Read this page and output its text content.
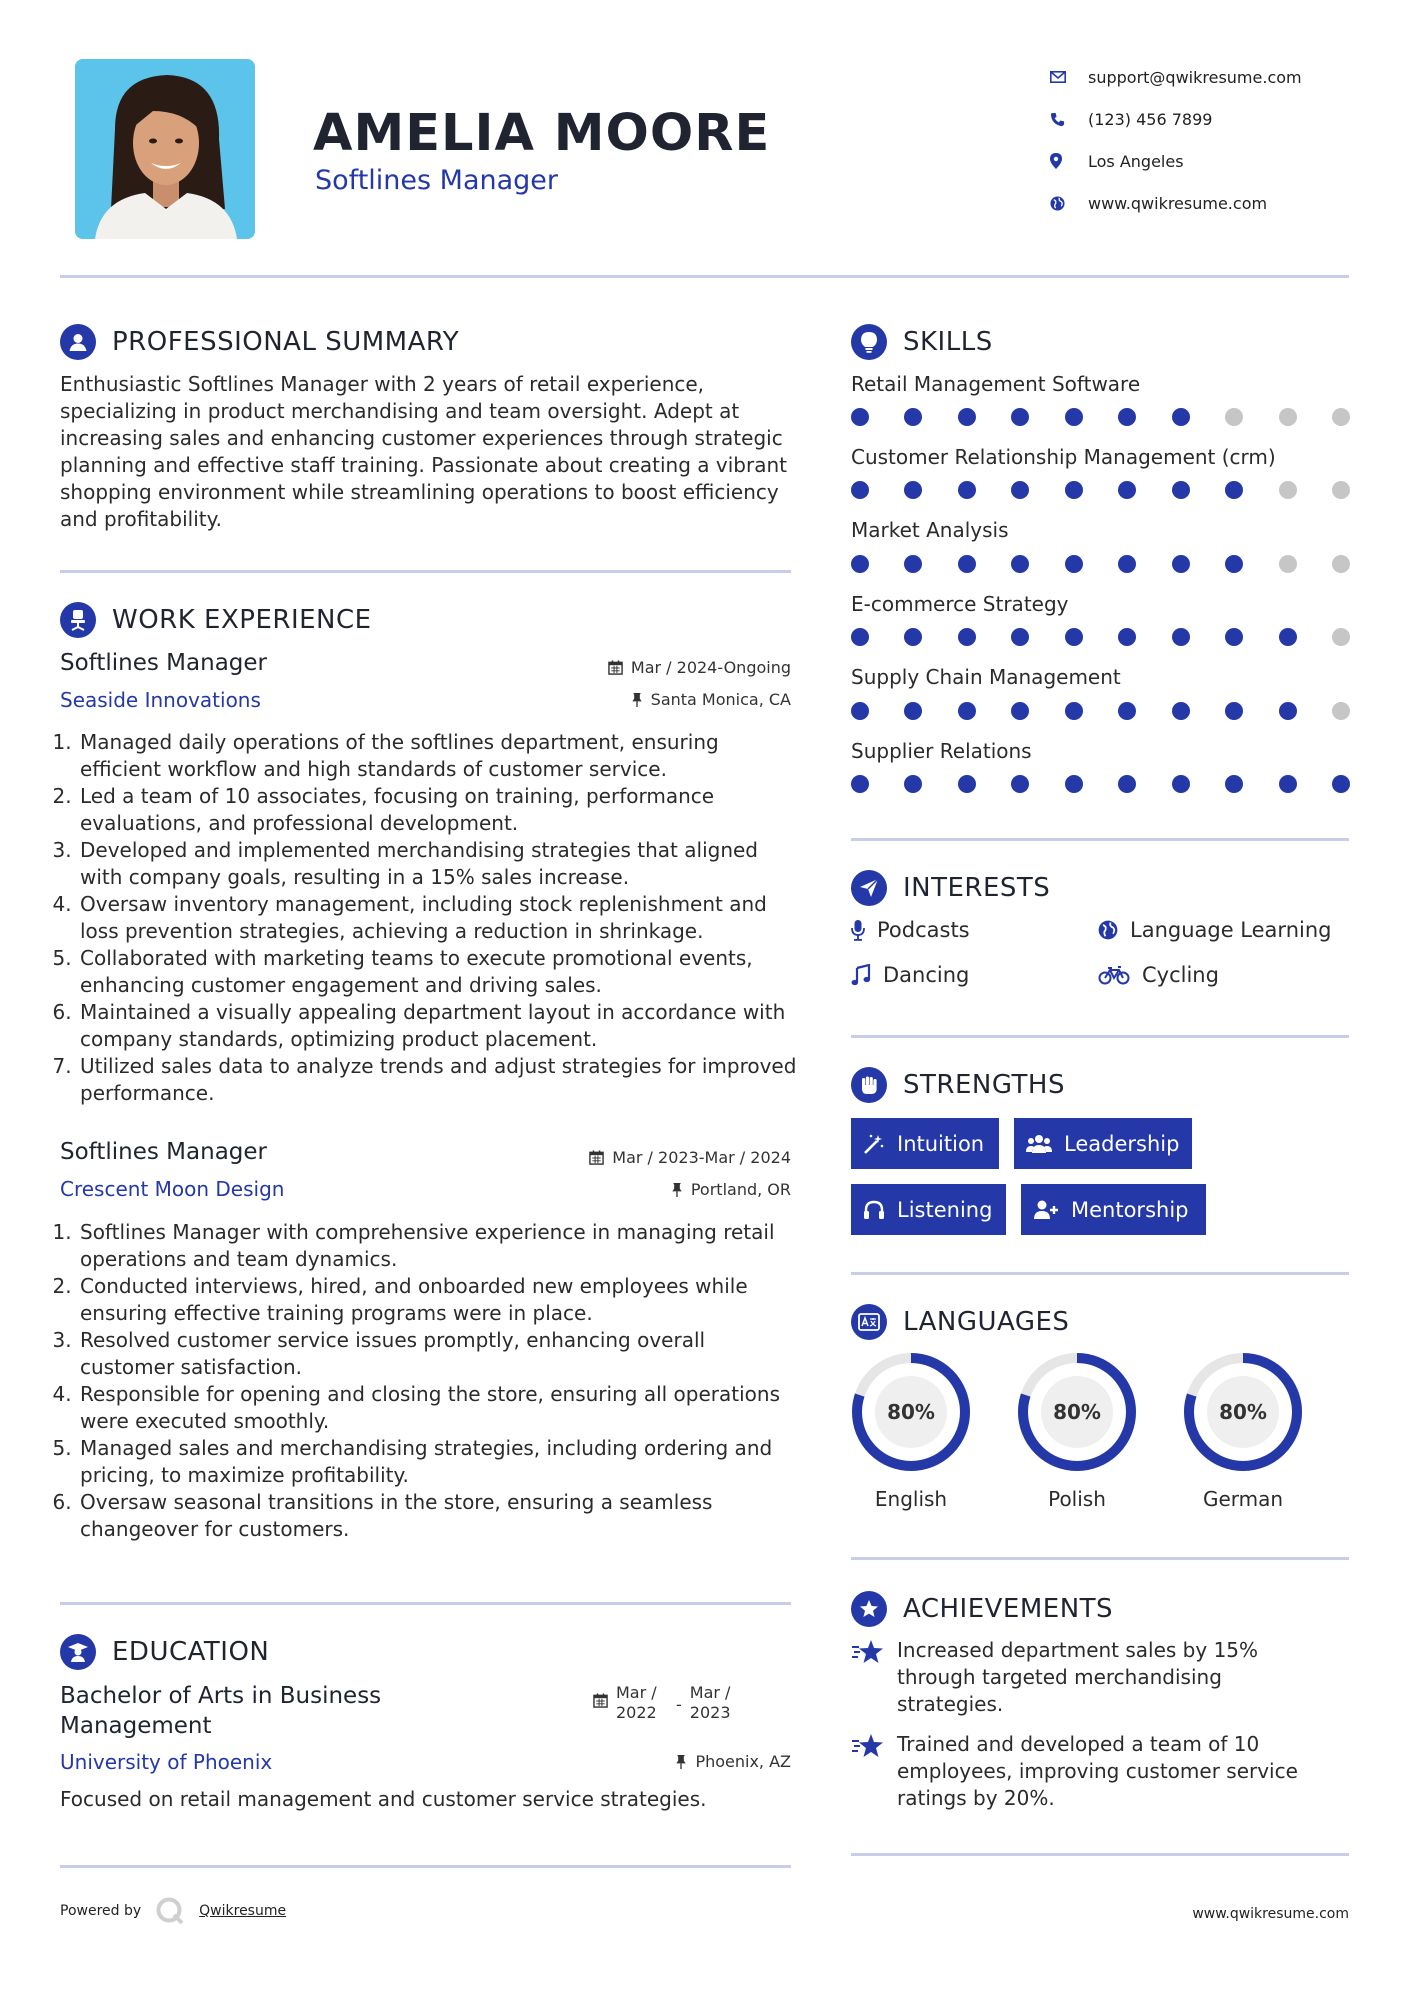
AMELIA MOORE
Softlines Manager
support@qwikresume.com
(123) 456 7899
Los Angeles
www.qwikresume.com
PROFESSIONAL SUMMARY
Enthusiastic Softlines Manager with 2 years of retail experience, specializing in product merchandising and team oversight. Adept at increasing sales and enhancing customer experiences through strategic planning and effective staff training. Passionate about creating a vibrant shopping environment while streamlining operations to boost efficiency and profitability.
WORK EXPERIENCE
Softlines Manager
Seaside Innovations
Mar / 2024-Ongoing
Santa Monica, CA
1. Managed daily operations of the softlines department, ensuring efficient workflow and high standards of customer service.
2. Led a team of 10 associates, focusing on training, performance evaluations, and professional development.
3. Developed and implemented merchandising strategies that aligned with company goals, resulting in a 15% sales increase.
4. Oversaw inventory management, including stock replenishment and loss prevention strategies, achieving a reduction in shrinkage.
5. Collaborated with marketing teams to execute promotional events, enhancing customer engagement and driving sales.
6. Maintained a visually appealing department layout in accordance with company standards, optimizing product placement.
7. Utilized sales data to analyze trends and adjust strategies for improved performance.
Softlines Manager
Crescent Moon Design
Mar / 2023-Mar / 2024
Portland, OR
1. Softlines Manager with comprehensive experience in managing retail operations and team dynamics.
2. Conducted interviews, hired, and onboarded new employees while ensuring effective training programs were in place.
3. Resolved customer service issues promptly, enhancing overall customer satisfaction.
4. Responsible for opening and closing the store, ensuring all operations were executed smoothly.
5. Managed sales and merchandising strategies, including ordering and pricing, to maximize profitability.
6. Oversaw seasonal transitions in the store, ensuring a seamless changeover for customers.
EDUCATION
Bachelor of Arts in Business Management
University of Phoenix
Mar / 2022	-
Mar / 2023
Phoenix, AZ
Focused on retail management and customer service strategies.
SKILLS
Retail Management Software
Customer Relationship Management (crm)
Market Analysis
E-commerce Strategy
Supply Chain Management
Supplier Relations
INTERESTS
Podcasts	Language Learning
Dancing	Cycling
STRENGTHS
Intuition	Leadership
Listening	Mentorship
LANGUAGES
80%
English
80%
Polish
80%
German
ACHIEVEMENTS
Increased department sales by 15% through targeted merchandising strategies.
Trained and developed a team of 10 employees, improving customer service ratings by 20%.
Powered by	Qwikresume	www.qwikresume.com
